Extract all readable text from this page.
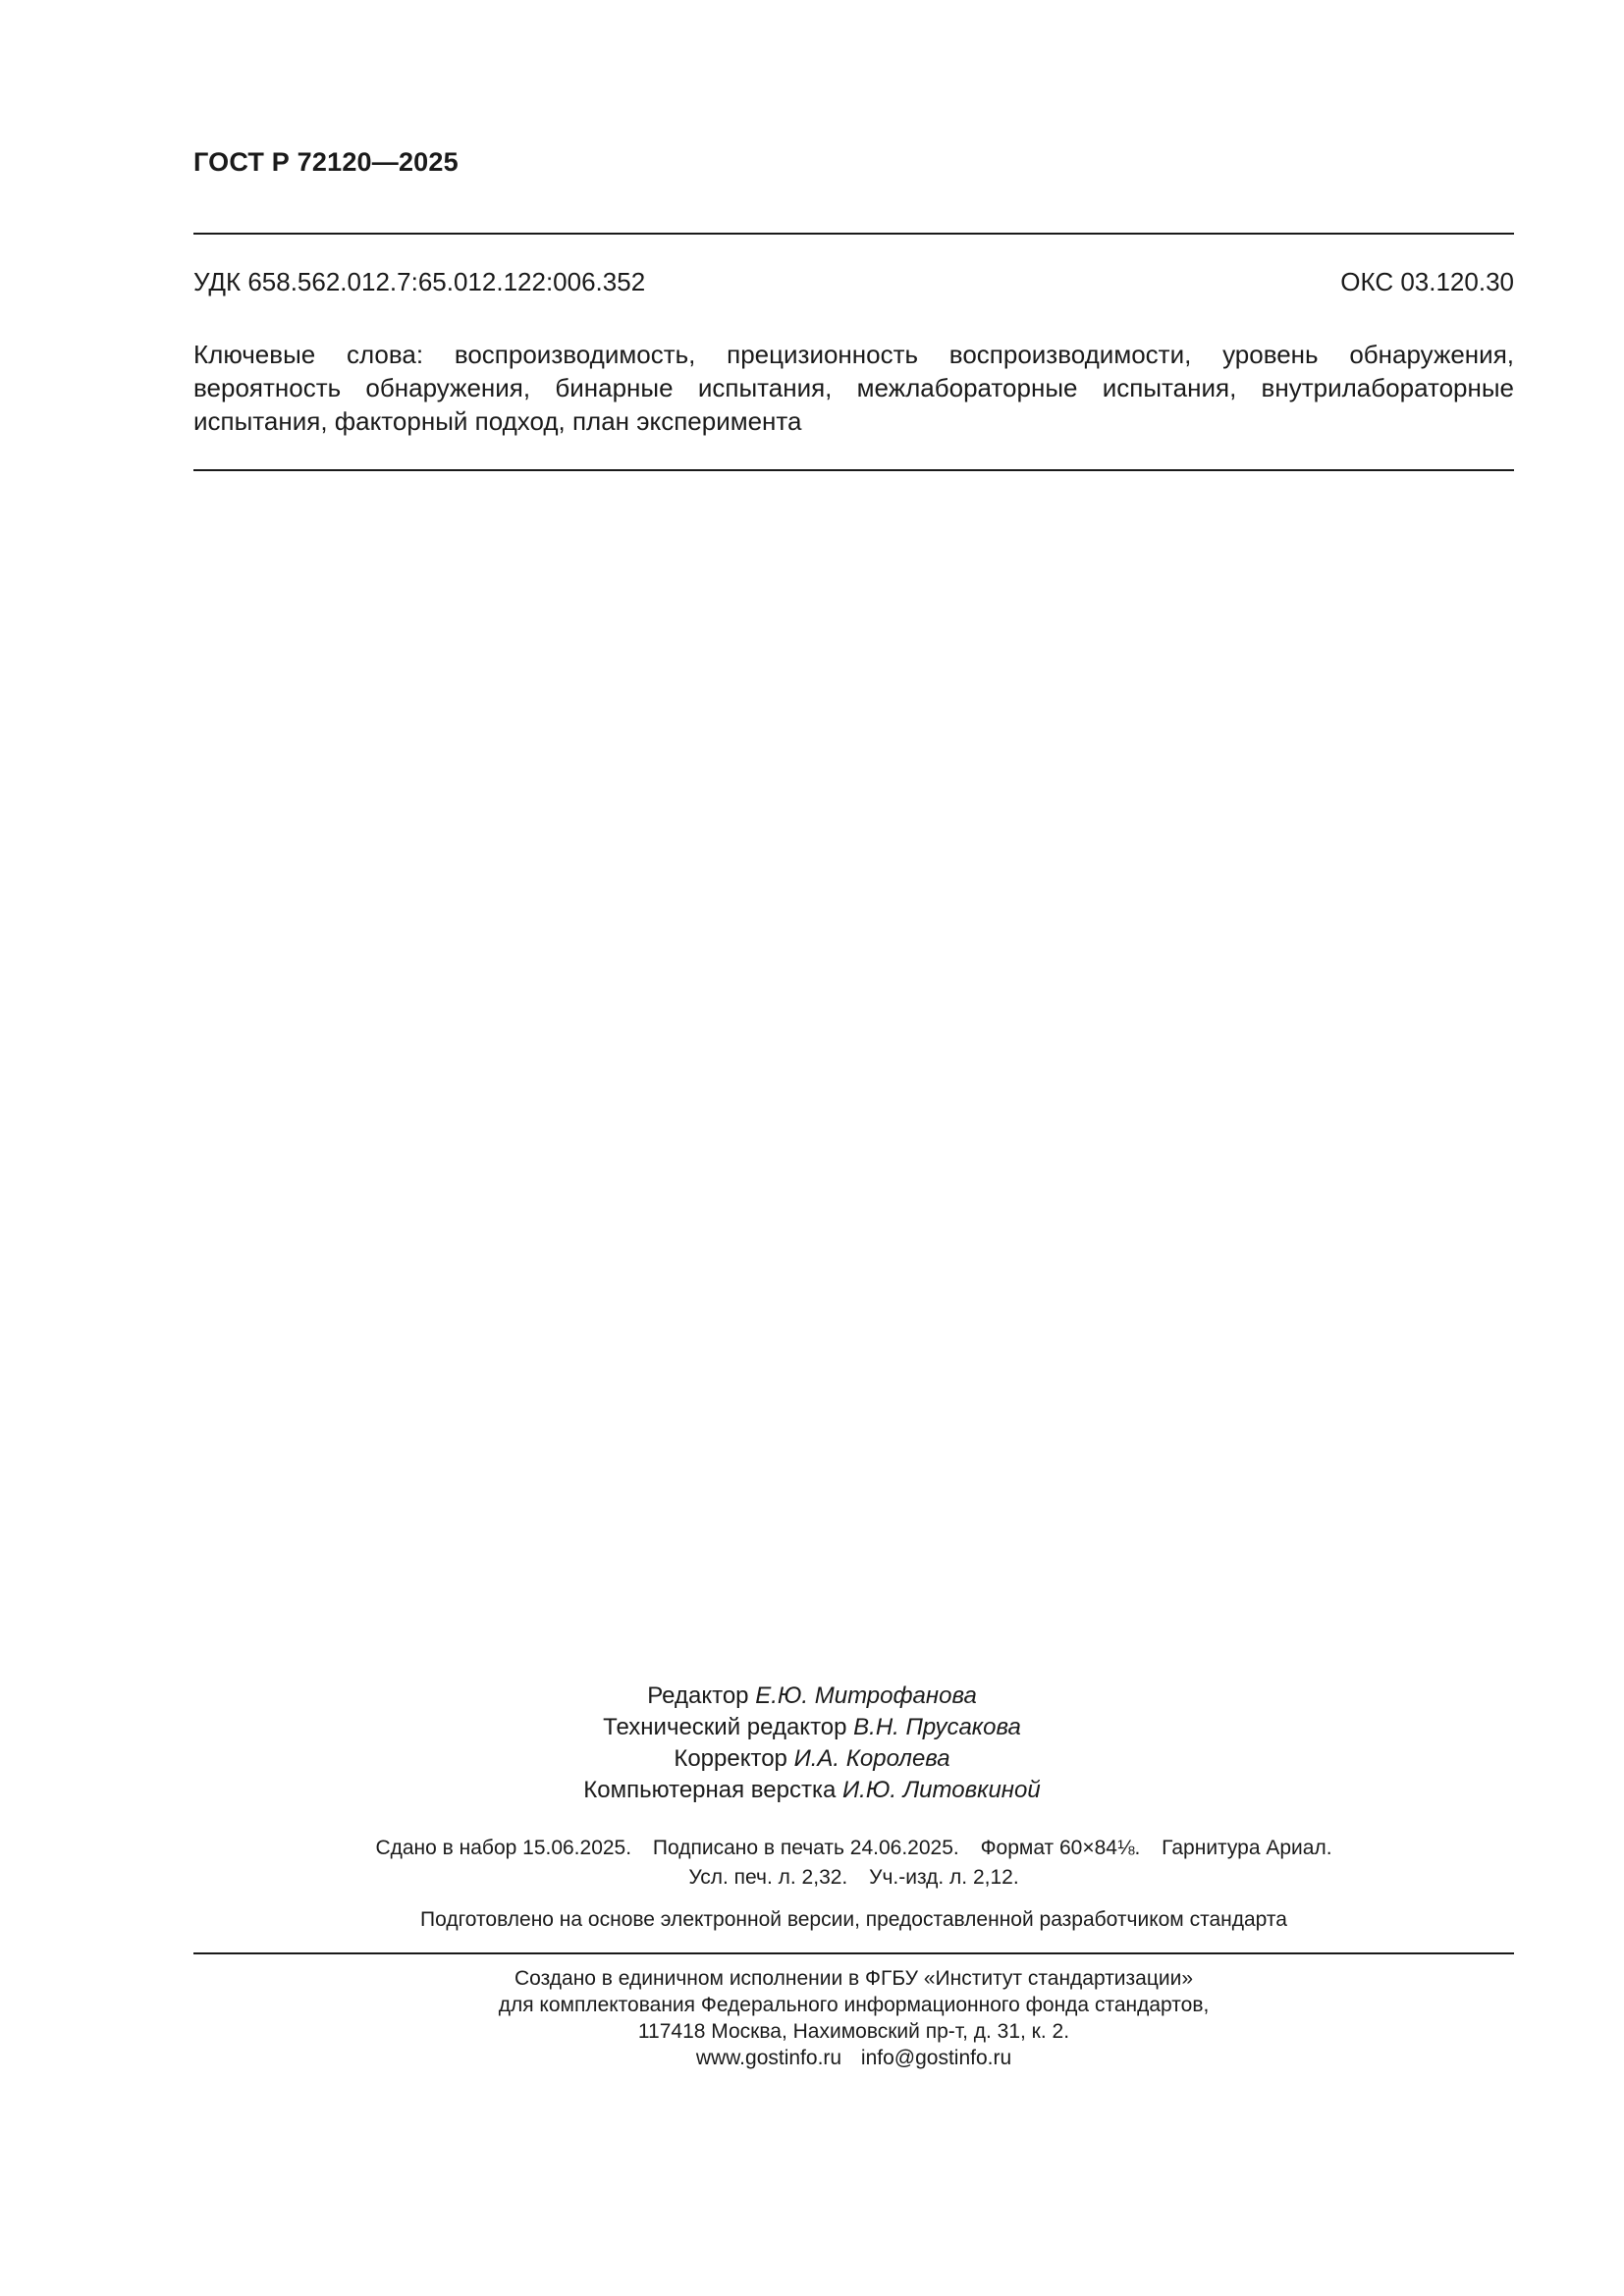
ГОСТ Р 72120—2025
УДК 658.562.012.7:65.012.122:006.352	ОКС 03.120.30
Ключевые слова: воспроизводимость, прецизионность воспроизводимости, уровень обнаружения, вероятность обнаружения, бинарные испытания, межлабораторные испытания, внутрилабораторные испытания, факторный подход, план эксперимента
Редактор Е.Ю. Митрофанова
Технический редактор В.Н. Прусакова
Корректор И.А. Королева
Компьютерная верстка И.Ю. Литовкиной
Сдано в набор 15.06.2025. Подписано в печать 24.06.2025. Формат 60×84⅛. Гарнитура Ариал.
Усл. печ. л. 2,32. Уч.-изд. л. 2,12.
Подготовлено на основе электронной версии, предоставленной разработчиком стандарта
Создано в единичном исполнении в ФГБУ «Институт стандартизации»
для комплектования Федерального информационного фонда стандартов,
117418 Москва, Нахимовский пр-т, д. 31, к. 2.
www.gostinfo.ru info@gostinfo.ru
